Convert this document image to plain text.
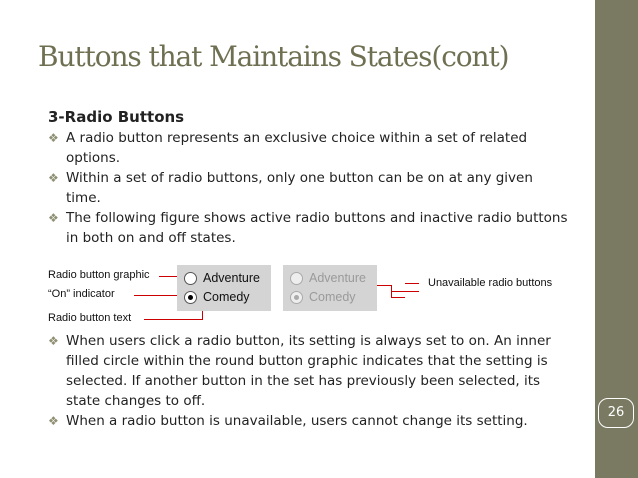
Buttons that Maintains States(cont)
3-Radio Buttons
❖ A radio button represents an exclusive choice within a set of related options.
❖ Within a set of radio buttons, only one button can be on at any given time.
❖ The following figure shows active radio buttons and inactive radio buttons in both on and off states.
Radio button graphic
“On” indicator
Radio button text
Adventure
Comedy
Adventure
Comedy
Unavailable radio buttons
❖ When users click a radio button, its setting is always set to on. An inner filled circle within the round button graphic indicates that the setting is selected. If another button in the set has previously been selected, its state changes to off.
❖ When a radio button is unavailable, users cannot change its setting.
26
